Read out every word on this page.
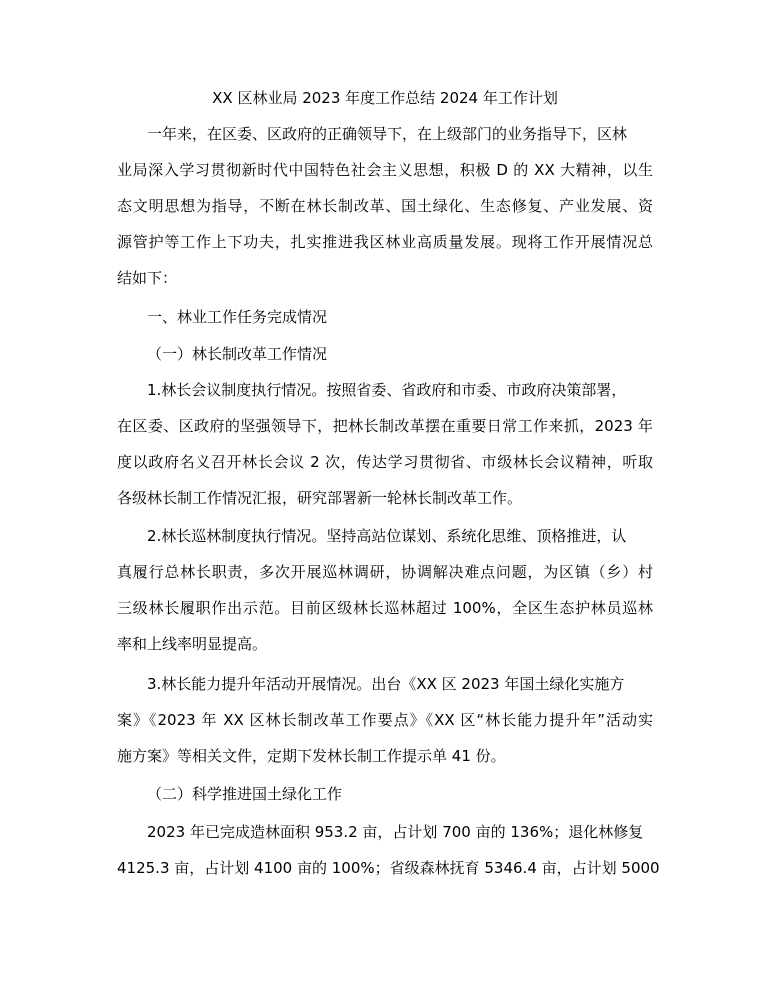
XX 区林业局 2023 年度工作总结 2024 年工作计划
一年来，在区委、区政府的正确领导下，在上级部门的业务指导下，区林
业局深入学习贯彻新时代中国特色社会主义思想，积极 D 的 XX 大精神，以生
态文明思想为指导，不断在林长制改革、国土绿化、生态修复、产业发展、资
源管护等工作上下功夫，扎实推进我区林业高质量发展。现将工作开展情况总
结如下：
一、林业工作任务完成情况
（一）林长制改革工作情况
1.林长会议制度执行情况。按照省委、省政府和市委、市政府决策部署，
在区委、区政府的坚强领导下，把林长制改革摆在重要日常工作来抓，2023 年
度以政府名义召开林长会议 2 次，传达学习贯彻省、市级林长会议精神，听取
各级林长制工作情况汇报，研究部署新一轮林长制改革工作。
2.林长巡林制度执行情况。坚持高站位谋划、系统化思维、顶格推进，认
真履行总林长职责，多次开展巡林调研，协调解决难点问题，为区镇（乡）村
三级林长履职作出示范。目前区级林长巡林超过 100%，全区生态护林员巡林
率和上线率明显提高。
3.林长能力提升年活动开展情况。出台《XX 区 2023 年国土绿化实施方
案》《2023 年 XX 区林长制改革工作要点》《XX 区“林长能力提升年”活动实
施方案》等相关文件，定期下发林长制工作提示单 41 份。
（二）科学推进国土绿化工作
2023 年已完成造林面积 953.2 亩，占计划 700 亩的 136%；退化林修复
4125.3 亩，占计划 4100 亩的 100%；省级森林抚育 5346.4 亩，占计划 5000
